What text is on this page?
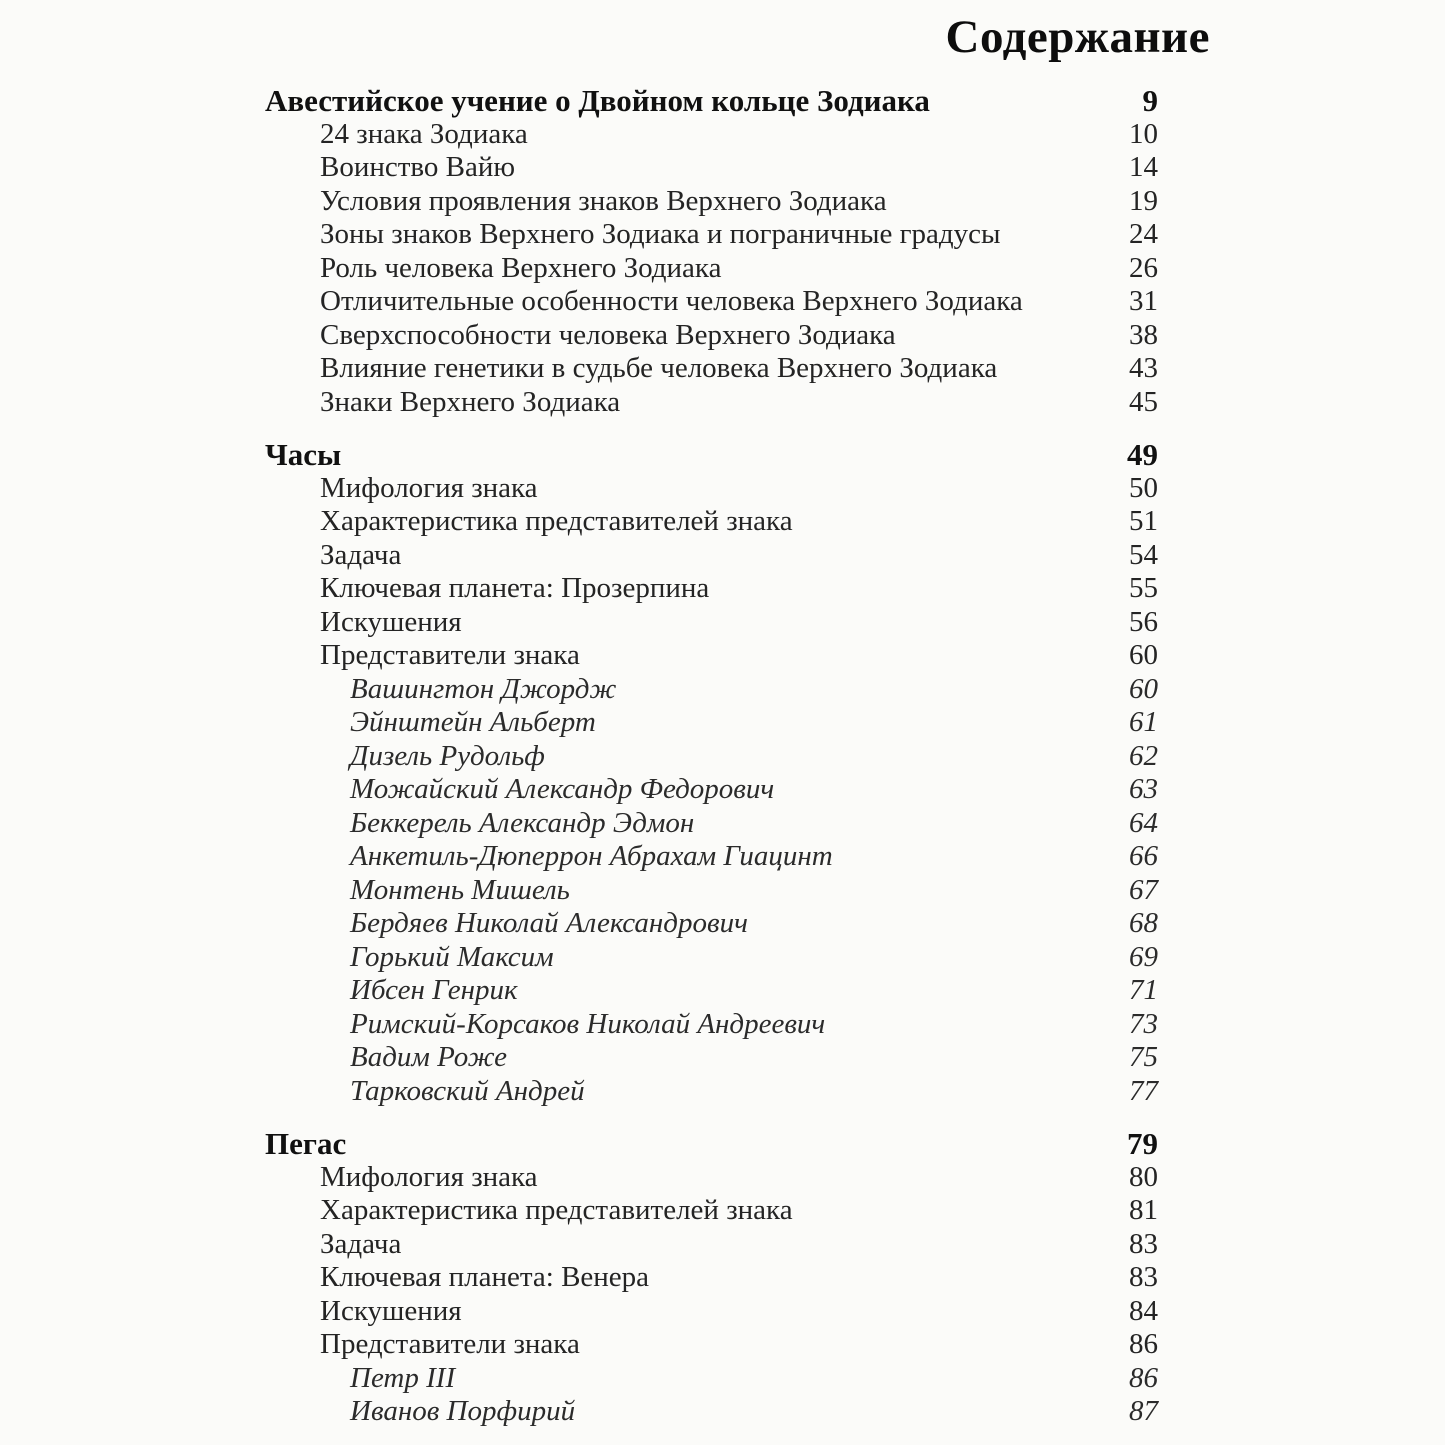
Содержание
Авестийское учение о Двойном кольце Зодиака	9
24 знака Зодиака	10
Воинство Вайю	14
Условия проявления знаков Верхнего Зодиака	19
Зоны знаков Верхнего Зодиака и пограничные градусы	24
Роль человека Верхнего Зодиака	26
Отличительные особенности человека Верхнего Зодиака	31
Сверхспособности человека Верхнего Зодиака	38
Влияние генетики в судьбе человека Верхнего Зодиака	43
Знаки Верхнего Зодиака	45
Часы	49
Мифология знака	50
Характеристика представителей знака	51
Задача	54
Ключевая планета: Прозерпина	55
Искушения	56
Представители знака	60
Вашингтон Джордж	60
Эйнштейн Альберт	61
Дизель Рудольф	62
Можайский Александр Федорович	63
Беккерель Александр Эдмон	64
Анкетиль-Дюперрон Абрахам Гиацинт	66
Монтень Мишель	67
Бердяев Николай Александрович	68
Горький Максим	69
Ибсен Генрик	71
Римский-Корсаков Николай Андреевич	73
Вадим Роже	75
Тарковский Андрей	77
Пегас	79
Мифология знака	80
Характеристика представителей знака	81
Задача	83
Ключевая планета: Венера	83
Искушения	84
Представители знака	86
Петр III	86
Иванов Порфирий	87
